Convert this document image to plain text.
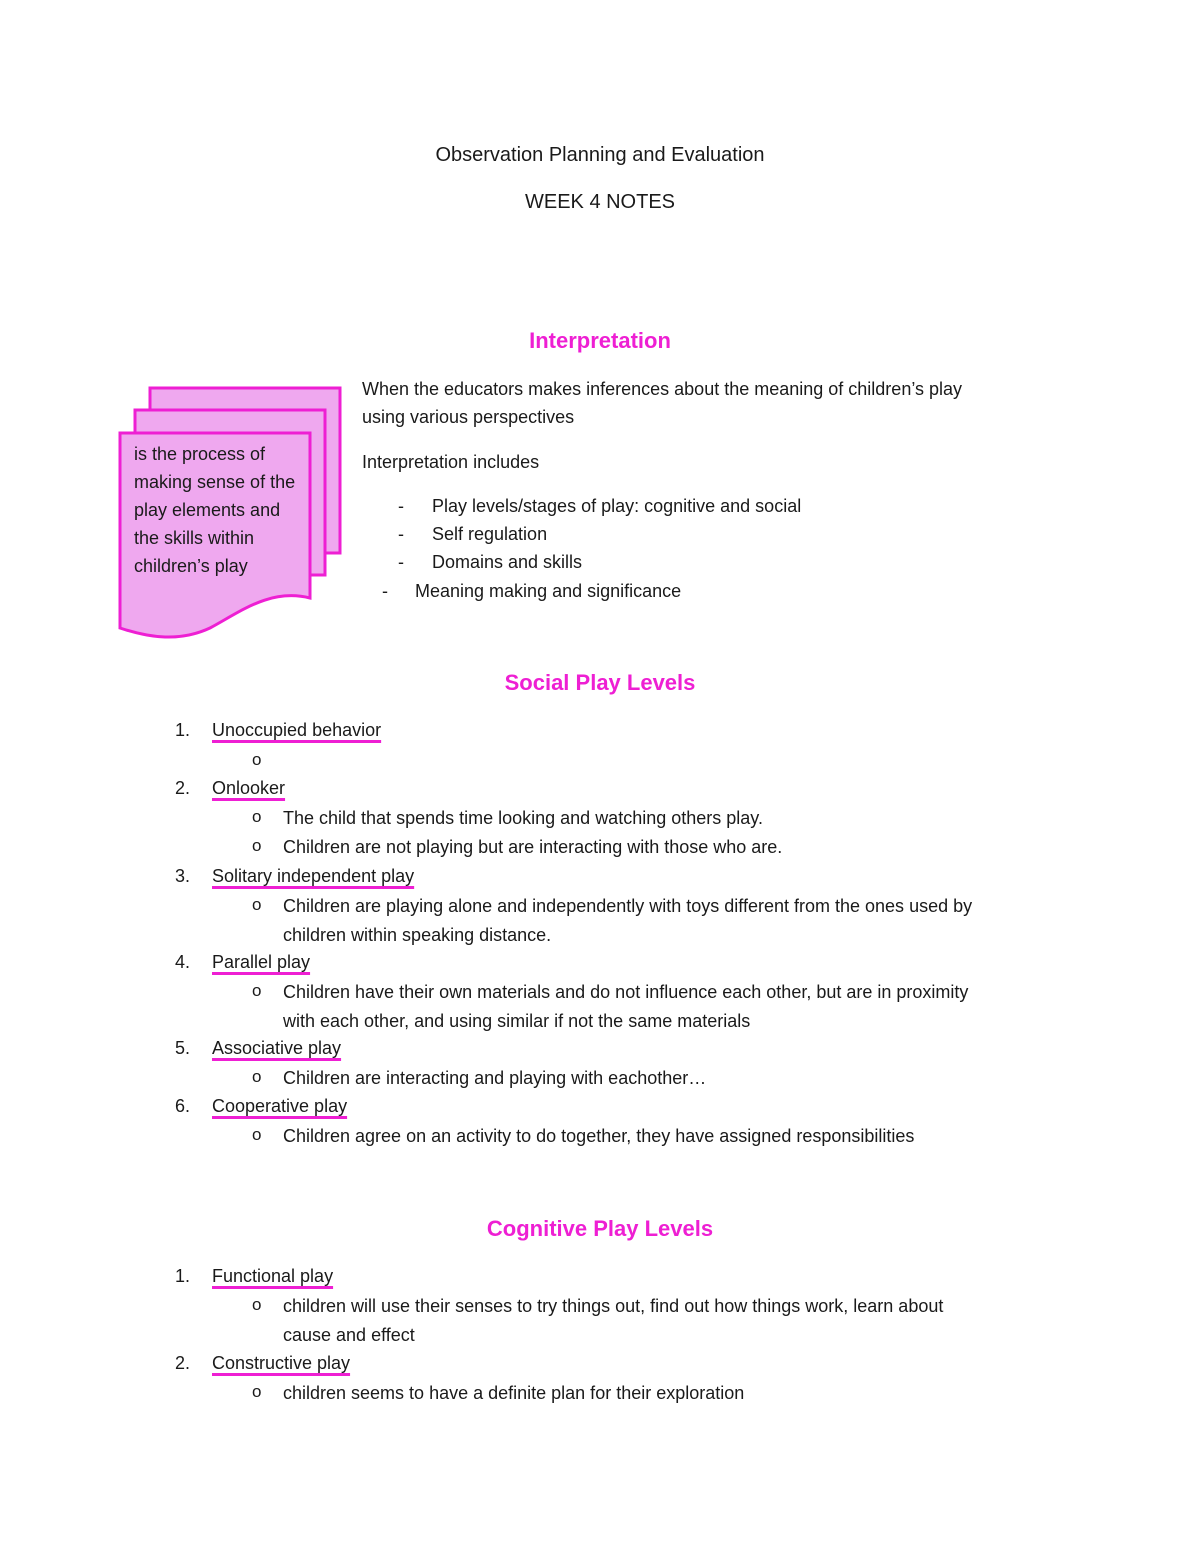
Observation Planning and Evaluation
WEEK 4 NOTES
Interpretation
is the process of making sense of the play elements and the skills within children’s play
When the educators makes inferences about the meaning of children’s play
using various perspectives
Interpretation includes
- Play levels/stages of play: cognitive and social
- Self regulation
- Domains and skills
- Meaning making and significance
Social Play Levels
1.	Unoccupied behavior
o
2.	Onlooker
o	The child that spends time looking and watching others play.
o	Children are not playing but are interacting with those who are.
3.	Solitary independent play
o	Children are playing alone and independently with toys different from the ones used by
children within speaking distance.
4.	Parallel play
o	Children have their own materials and do not influence each other, but are in proximity
with each other, and using similar if not the same materials
5.	Associative play
o	Children are interacting and playing with eachother…
6.	Cooperative play
o	Children agree on an activity to do together, they have assigned responsibilities
Cognitive Play Levels
1.	Functional play
o	children will use their senses to try things out, find out how things work, learn about
cause and effect
2.	Constructive play
o	children seems to have a definite plan for their exploration
